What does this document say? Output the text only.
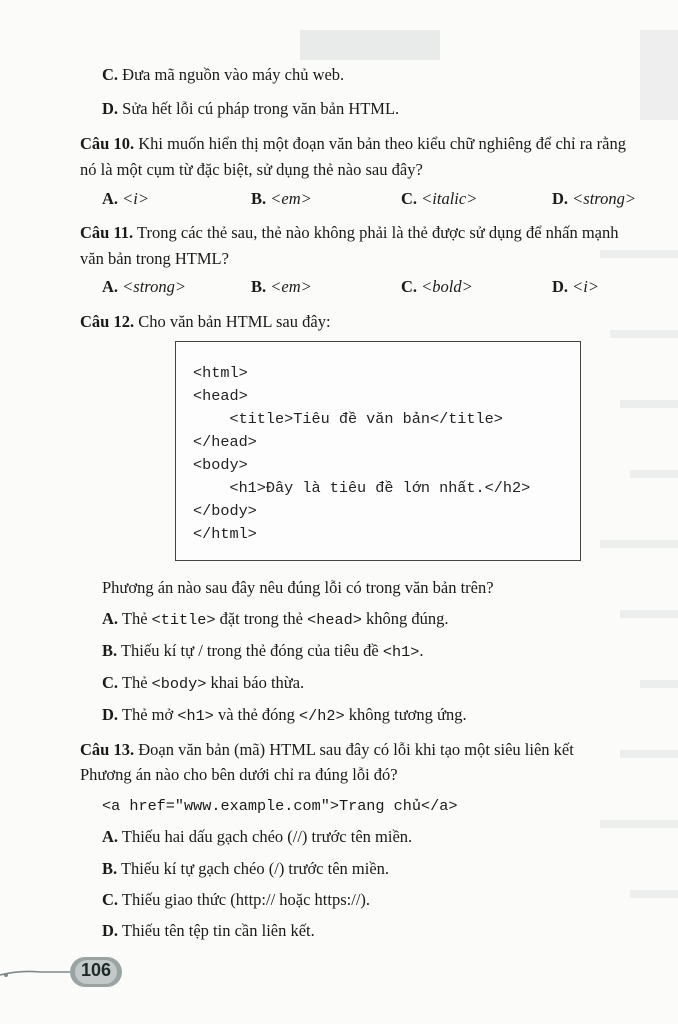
C. Đưa mã nguồn vào máy chủ web.
D. Sửa hết lỗi cú pháp trong văn bản HTML.
Câu 10. Khi muốn hiển thị một đoạn văn bản theo kiểu chữ nghiêng để chỉ ra rằng
nó là một cụm từ đặc biệt, sử dụng thẻ nào sau đây?
A. <i>	B. <em>	C. <italic>	D. <strong>
Câu 11. Trong các thẻ sau, thẻ nào không phải là thẻ được sử dụng để nhấn mạnh
văn bản trong HTML?
A. <strong>	B. <em>	C. <bold>	D. <i>
Câu 12. Cho văn bản HTML sau đây:
<html>
<head>
<title>Tiêu đề văn bản</title>
</head>
<body>
<h1>Đây là tiêu đề lớn nhất.</h2>
</body>
</html>
Phương án nào sau đây nêu đúng lỗi có trong văn bản trên?
A. Thẻ <title> đặt trong thẻ <head> không đúng.
B. Thiếu kí tự / trong thẻ đóng của tiêu đề <h1>.
C. Thẻ <body> khai báo thừa.
D. Thẻ mở <h1> và thẻ đóng </h2> không tương ứng.
Câu 13. Đoạn văn bản (mã) HTML sau đây có lỗi khi tạo một siêu liên kết
Phương án nào cho bên dưới chỉ ra đúng lỗi đó?
<a href="www.example.com">Trang chủ</a>
A. Thiếu hai dấu gạch chéo (//) trước tên miền.
B. Thiếu kí tự gạch chéo (/) trước tên miền.
C. Thiếu giao thức (http:// hoặc https://).
D. Thiếu tên tệp tin cần liên kết.
106
